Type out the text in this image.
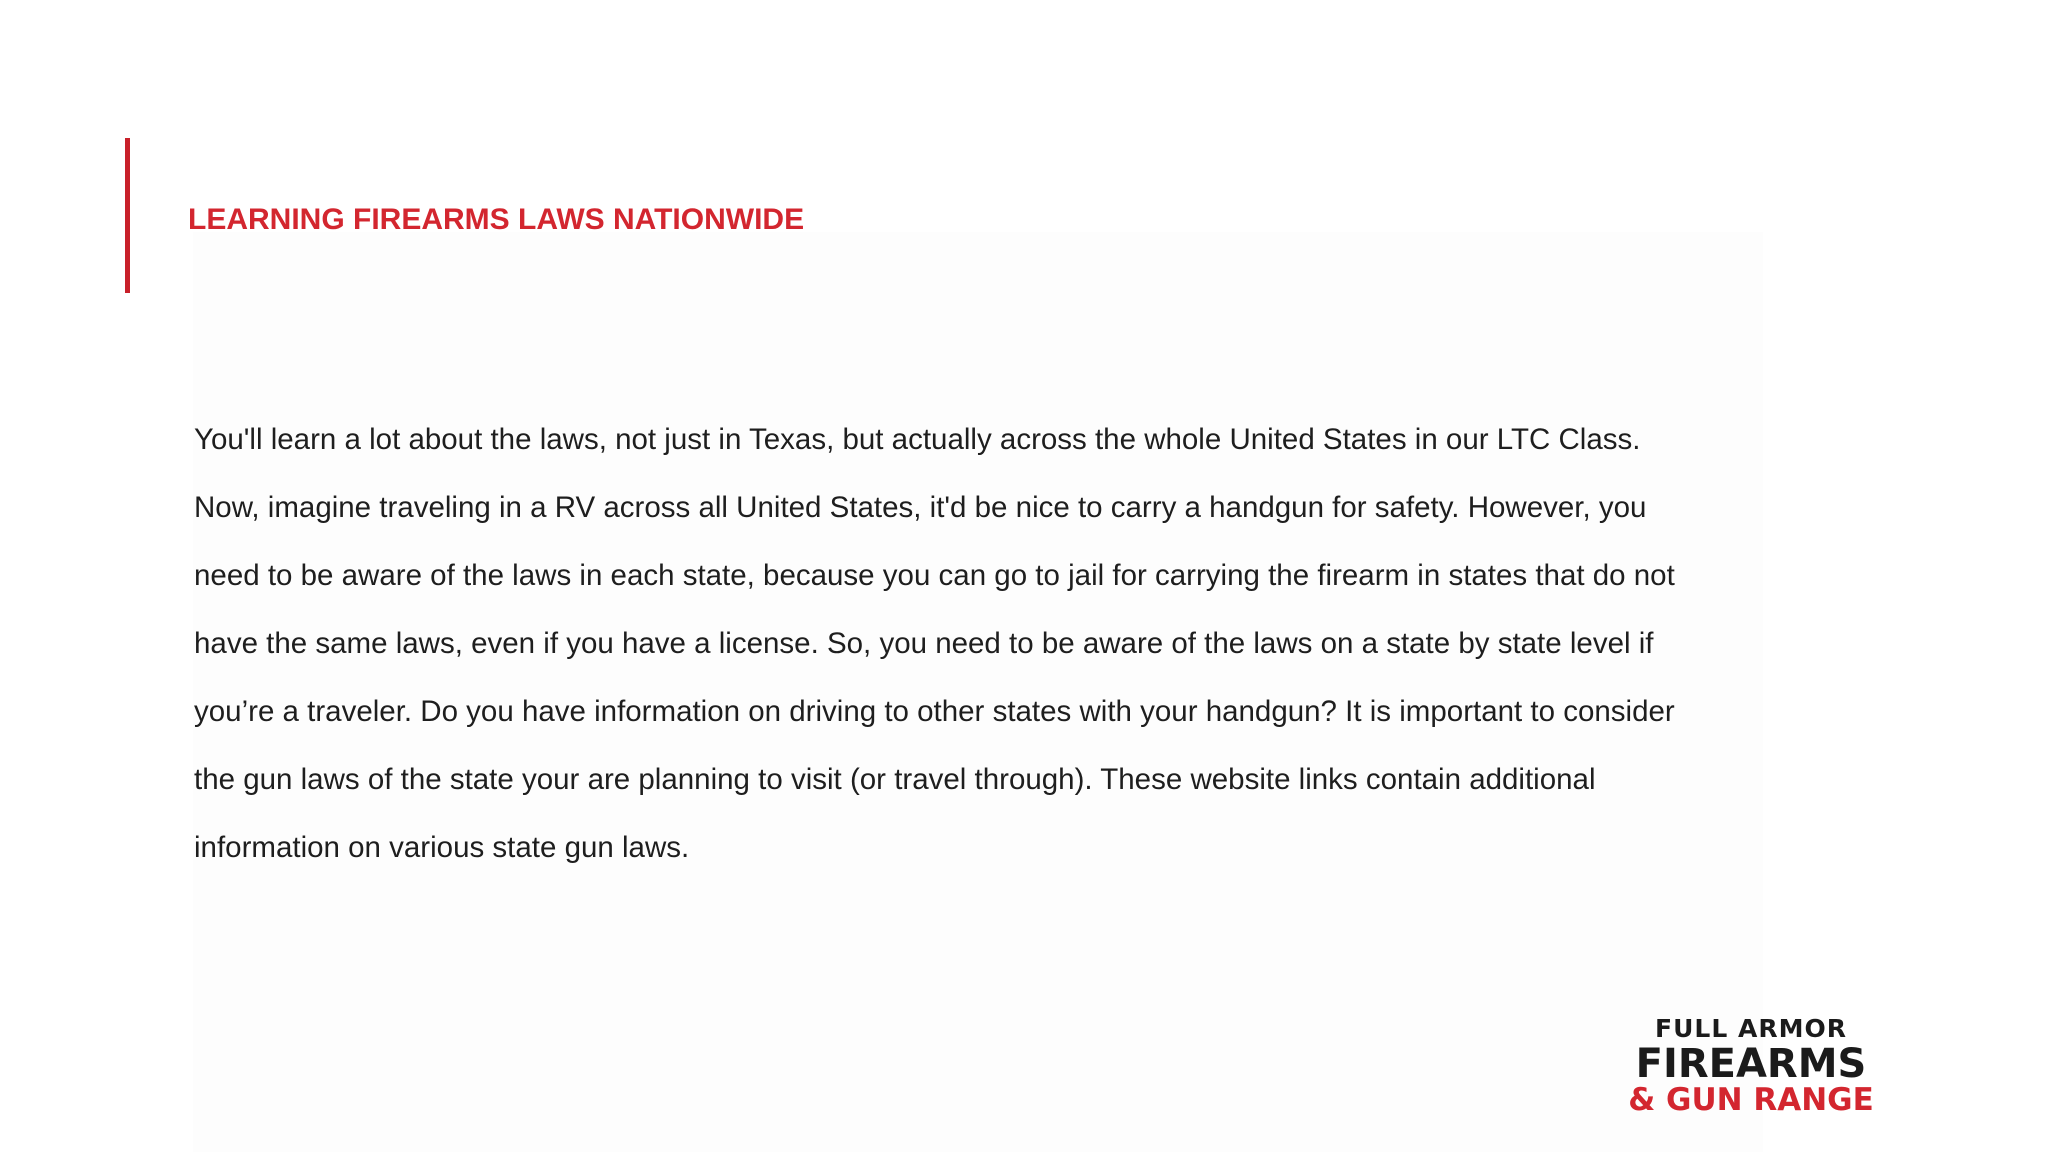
LEARNING FIREARMS LAWS NATIONWIDE

You'll learn a lot about the laws, not just in Texas, but actually across the whole United States in our LTC Class.

Now, imagine traveling in a RV across all United States, it'd be nice to carry a handgun for safety. However, you

need to be aware of the laws in each state, because you can go to jail for carrying the firearm in states that do not

have the same laws, even if you have a license. So, you need to be aware of the laws on a state by state level if

you’re a traveler. Do you have information on driving to other states with your handgun? It is important to consider

the gun laws of the state your are planning to visit (or travel through). These website links contain additional

information on various state gun laws.

FULL ARMOR
FIREARMS
& GUN RANGE
